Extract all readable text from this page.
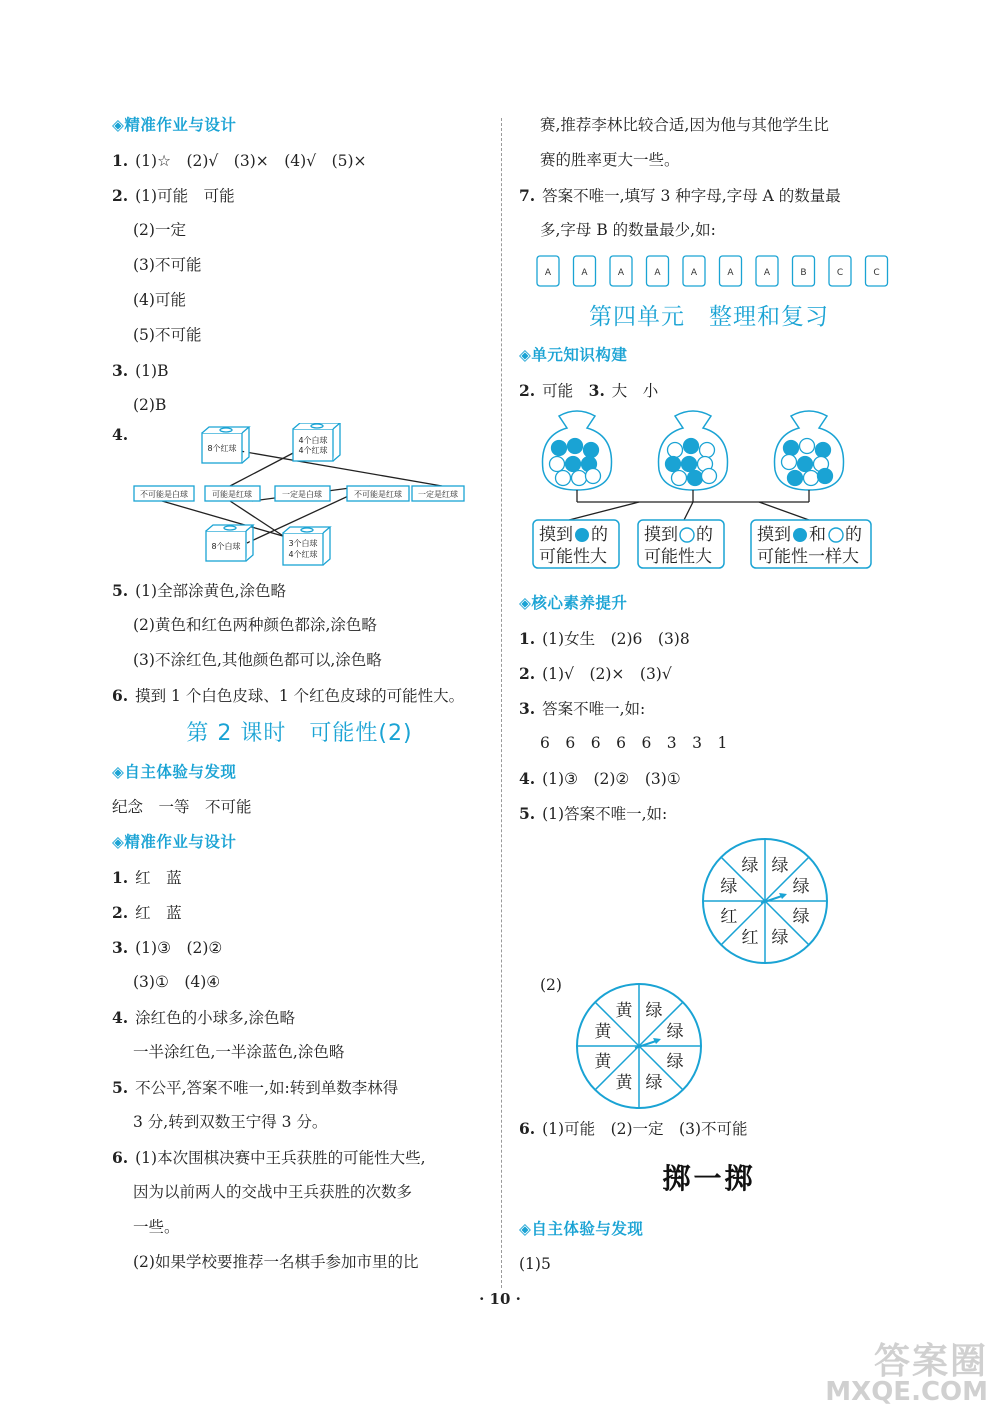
◈精准作业与设计
1. (1)☆　(2)√　(3)×　(4)√　(5)×
2. (1)可能　可能
(2)一定
(3)不可能
(4)可能
(5)不可能
3. (1)B
(2)B
4.
8个红球
4个白球
4个红球
8个白球	3个白球
4个红球
不可能是白球	可能是红球	一定是白球	不可能是红球 一定是红球
5. (1)全部涂黄色,涂色略
(2)黄色和红色两种颜色都涂,涂色略
(3)不涂红色,其他颜色都可以,涂色略
6. 摸到 1 个白色皮球、1 个红色皮球的可能性大。
第 2 课时　可能性(2)
◈自主体验与发现
纪念　一等　不可能
◈精准作业与设计
1. 红　蓝
2. 红　蓝
3. (1)③　(2)②
(3)①　(4)④
4. 涂红色的小球多,涂色略
一半涂红色,一半涂蓝色,涂色略
5. 不公平,答案不唯一,如:转到单数李林得
3 分,转到双数王宁得 3 分。
6. (1)本次围棋决赛中王兵获胜的可能性大些,
因为以前两人的交战中王兵获胜的次数多
一些。
(2)如果学校要推荐一名棋手参加市里的比
赛,推荐李林比较合适,因为他与其他学生比
赛的胜率更大一些。
7. 答案不唯一,填写 3 种字母,字母 A 的数量最
多,字母 B 的数量最少,如:
A	A	A	A	A	A	A	B	C	C
第四单元　整理和复习
◈单元知识构建
2. 可能　 3. 大　小
摸到 的
可能性大
摸到 的
可能性大
摸到 和 的
可能性一样大
◈核心素养提升
1. (1)女生　(2)6　(3)8
2. (1)√　(2)×　(3)√
3. 答案不唯一,如:
6　6　6　6　6　3　3　1
4. (1)③　(2)②　(3)①
5. (1)答案不唯一,如:
绿
绿
绿
绿
红
红
绿
绿
(2)
绿
绿
绿
绿
黄
黄
黄
黄
6. (1)可能　(2)一定　(3)不可能
掷一掷
◈自主体验与发现
(1)5
· 10 ·
答案圈
MXQE.COM
